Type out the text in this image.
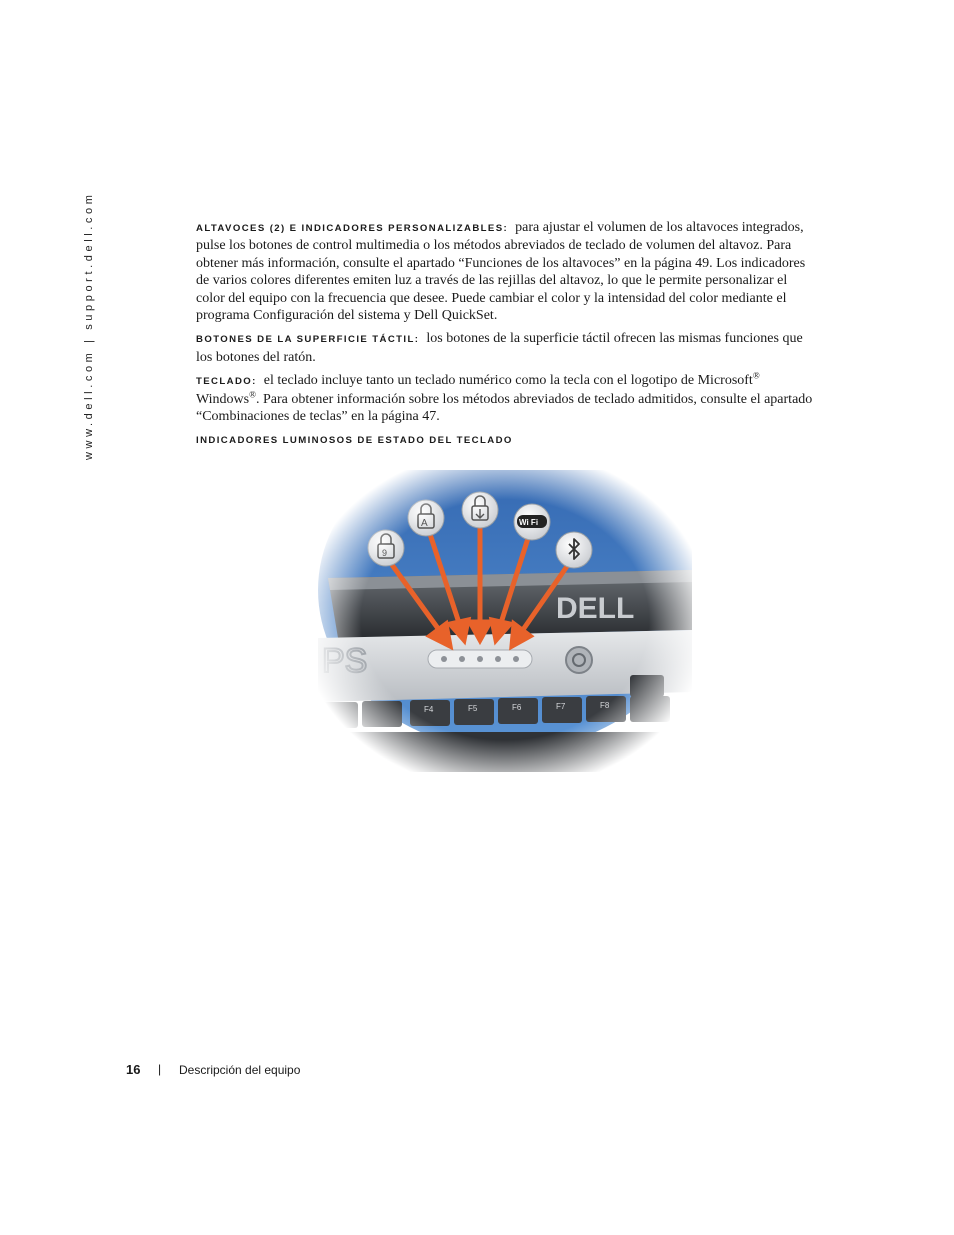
www.dell.com | support.dell.com	ALTAVOCES (2) E INDICADORES PERSONALIZABLES: para ajustar el volumen de los altavoces integrados, pulse los botones de control multimedia o los métodos abreviados de teclado de volumen del altavoz. Para obtener más información, consulte el apartado “Funciones de los altavoces” en la página 49. Los indicadores de varios colores diferentes emiten luz a través de las rejillas del altavoz, lo que le permite personalizar el color del equipo con la frecuencia que desee. Puede cambiar el color y la intensidad del color mediante el programa Configuración del sistema y Dell QuickSet.

BOTONES DE LA SUPERFICIE TÁCTIL: los botones de la superficie táctil ofrecen las mismas funciones que los botones del ratón.

TECLADO: el teclado incluye tanto un teclado numérico como la tecla con el logotipo de Microsoft® Windows®. Para obtener información sobre los métodos abreviados de teclado admitidos, consulte el apartado “Combinaciones de teclas” en la página 47.

INDICADORES LUMINOSOS DE ESTADO DEL TECLADO

16 | Descripción del equipo
